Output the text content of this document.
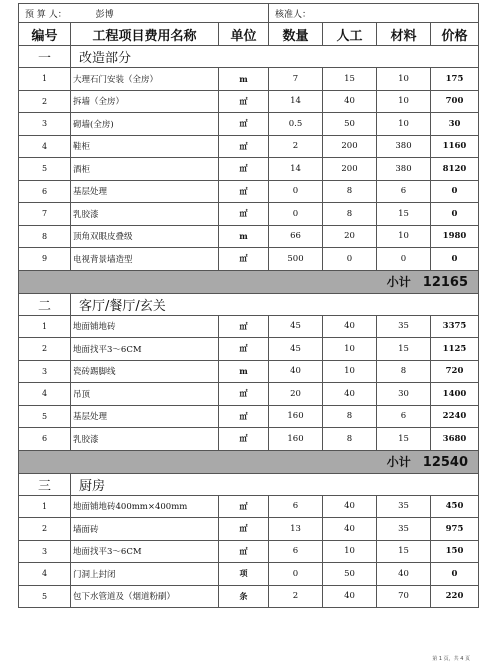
预 算 人： 彭博			核准人：			
编号	工程项目费用名称	单位	数量	人工	材料	价格
一	改造部分					
1	大理石门安装（全房）	m	7	15	10	175
2	拆墙（全房）	㎡	14	40	10	700
3	砌墙(全房)	㎡	0.5	50	10	30
4	鞋柜	㎡	2	200	380	1160
5	酒柜	㎡	14	200	380	8120
6	基层处理	㎡	0	8	6	0
7	乳胶漆	㎡	0	8	15	0
8	顶角双眼皮叠级	m	66	20	10	1980
9	电视背景墙造型	㎡	500	0	0	0
小计 12165						
二	客厅/餐厅/玄关					
1	地面铺地砖	㎡	45	40	35	3375
2	地面找平3～6CM	㎡	45	10	15	1125
3	瓷砖踢脚线	m	40	10	8	720
4	吊顶	㎡	20	40	30	1400
5	基层处理	㎡	160	8	6	2240
6	乳胶漆	㎡	160	8	15	3680
小计 12540						
三	厨房					
1	地面铺地砖400mm×400mm	㎡	6	40	35	450
2	墙面砖	㎡	13	40	35	975
3	地面找平3～6CM	㎡	6	10	15	150
4	门洞上封闭	项	0	50	40	0
5	包下水管道及（烟道粉刷）	条	2	40	70	220
第 1 页，共 4 页
